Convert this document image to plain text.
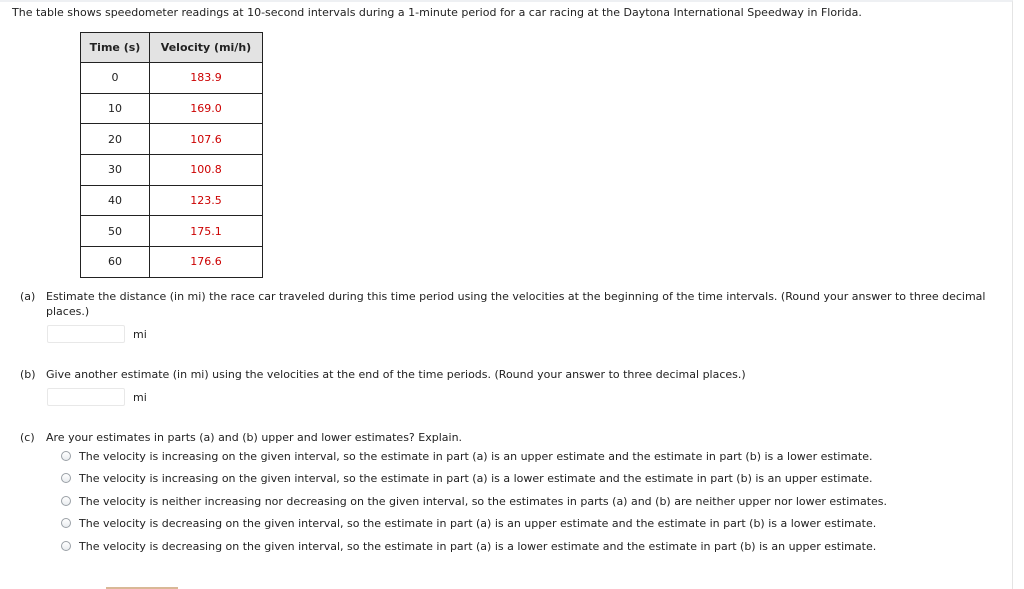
The table shows speedometer readings at 10-second intervals during a 1-minute period for a car racing at the Daytona International Speedway in Florida.
Time (s)	Velocity (mi/h)
0	183.9
10	169.0
20	107.6
30	100.8
40	123.5
50	175.1
60	176.6
(a) Estimate the distance (in mi) the race car traveled during this time period using the velocities at the beginning of the time intervals. (Round your answer to three decimal places.)
mi
(b) Give another estimate (in mi) using the velocities at the end of the time periods. (Round your answer to three decimal places.)
mi
(c) Are your estimates in parts (a) and (b) upper and lower estimates? Explain.
The velocity is increasing on the given interval, so the estimate in part (a) is an upper estimate and the estimate in part (b) is a lower estimate.
The velocity is increasing on the given interval, so the estimate in part (a) is a lower estimate and the estimate in part (b) is an upper estimate.
The velocity is neither increasing nor decreasing on the given interval, so the estimates in parts (a) and (b) are neither upper nor lower estimates.
The velocity is decreasing on the given interval, so the estimate in part (a) is an upper estimate and the estimate in part (b) is a lower estimate.
The velocity is decreasing on the given interval, so the estimate in part (a) is a lower estimate and the estimate in part (b) is an upper estimate.
